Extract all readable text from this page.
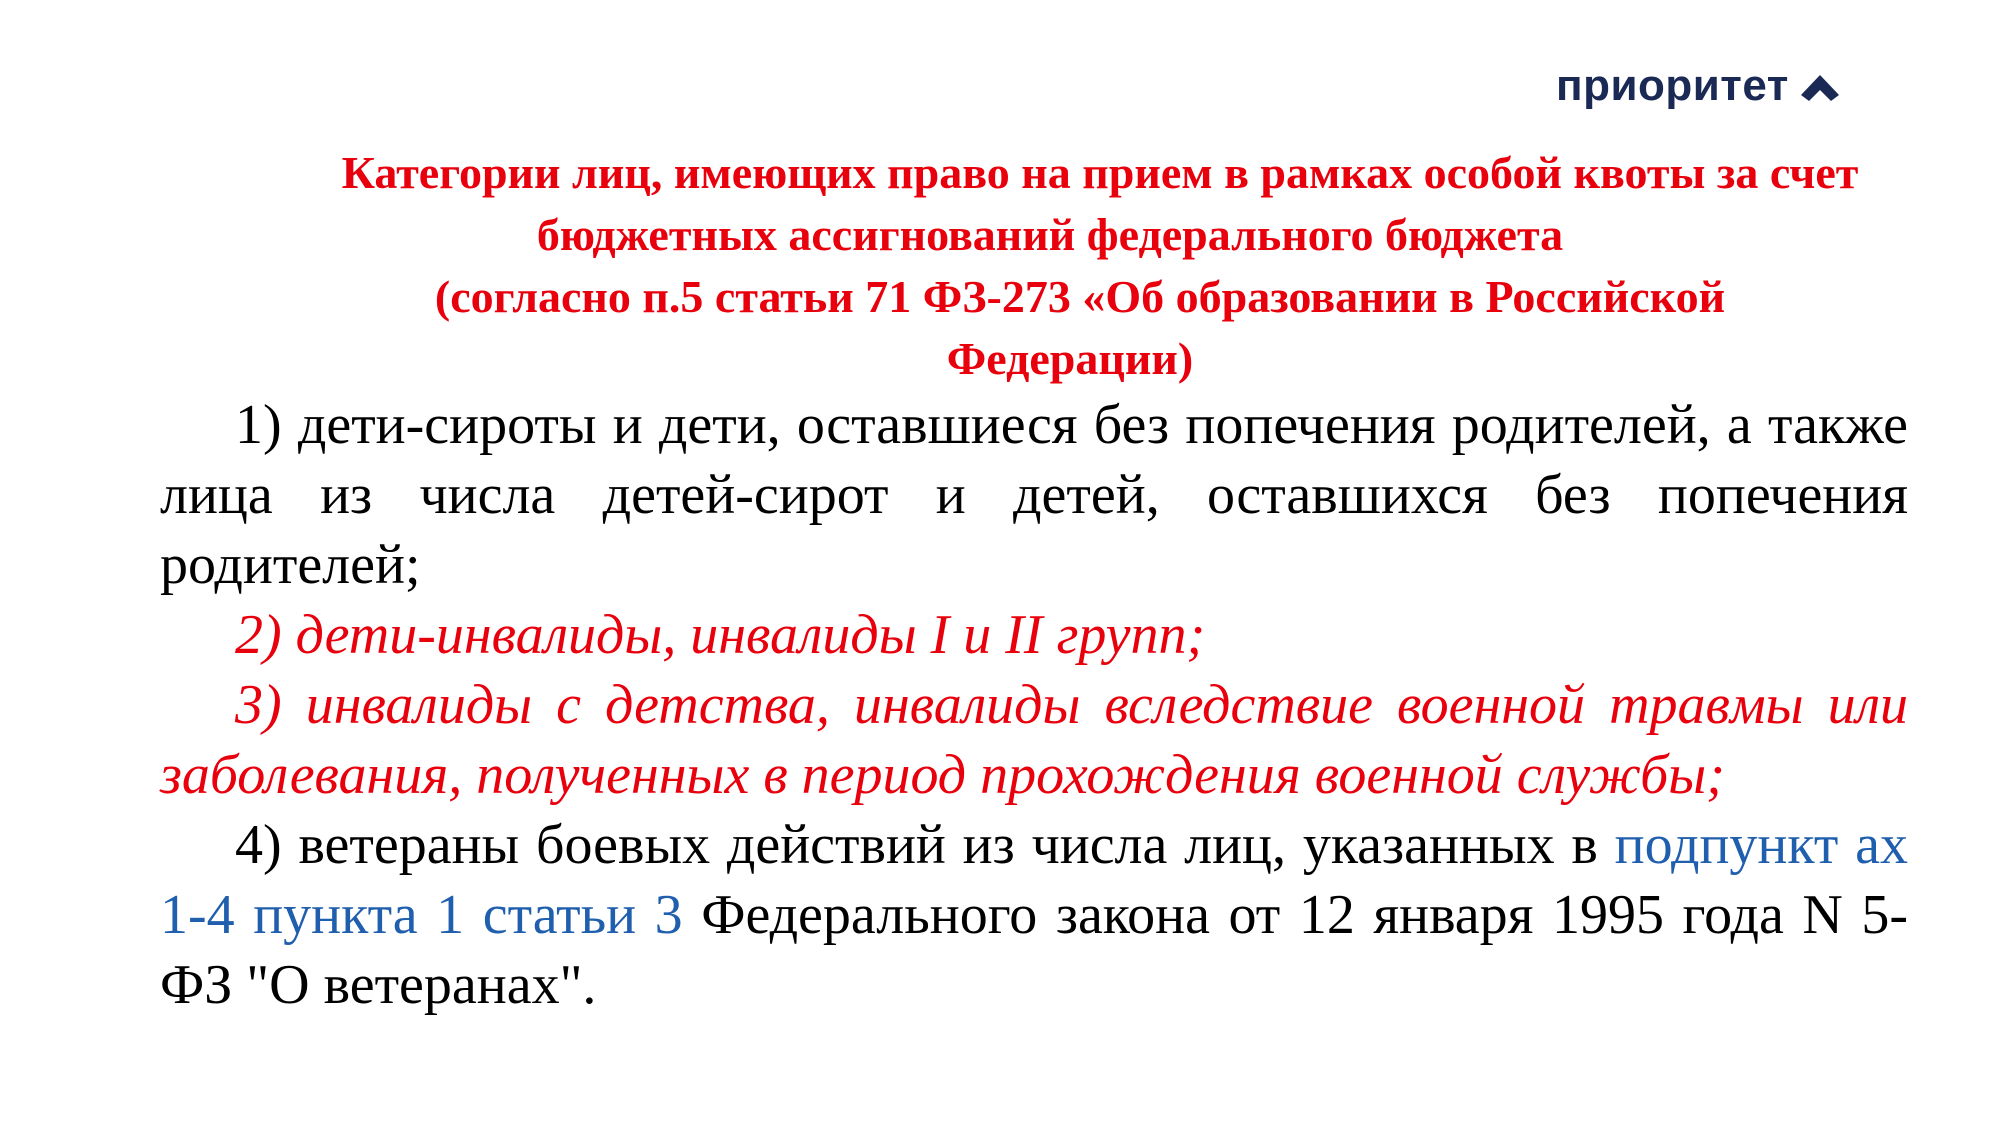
приоритет
Категории лиц, имеющих право на прием в рамках особой квоты за счет
бюджетных ассигнований федерального бюджета
(согласно п.5 статьи 71 ФЗ-273 «Об образовании в Российской
Федерации)

1) дети-сироты и дети, оставшиеся без попечения родителей, а также лица из числа детей-сирот и детей, оставшихся без попечения родителей;

2) дети-инвалиды, инвалиды I и II групп;

3) инвалиды с детства, инвалиды вследствие военной травмы или заболевания, полученных в период прохождения военной службы;

4) ветераны боевых действий из числа лиц, указанных в подпункт ах 1-4 пункта 1 статьи 3 Федерального закона от 12 января 1995 года N 5-ФЗ "О ветеранах".
